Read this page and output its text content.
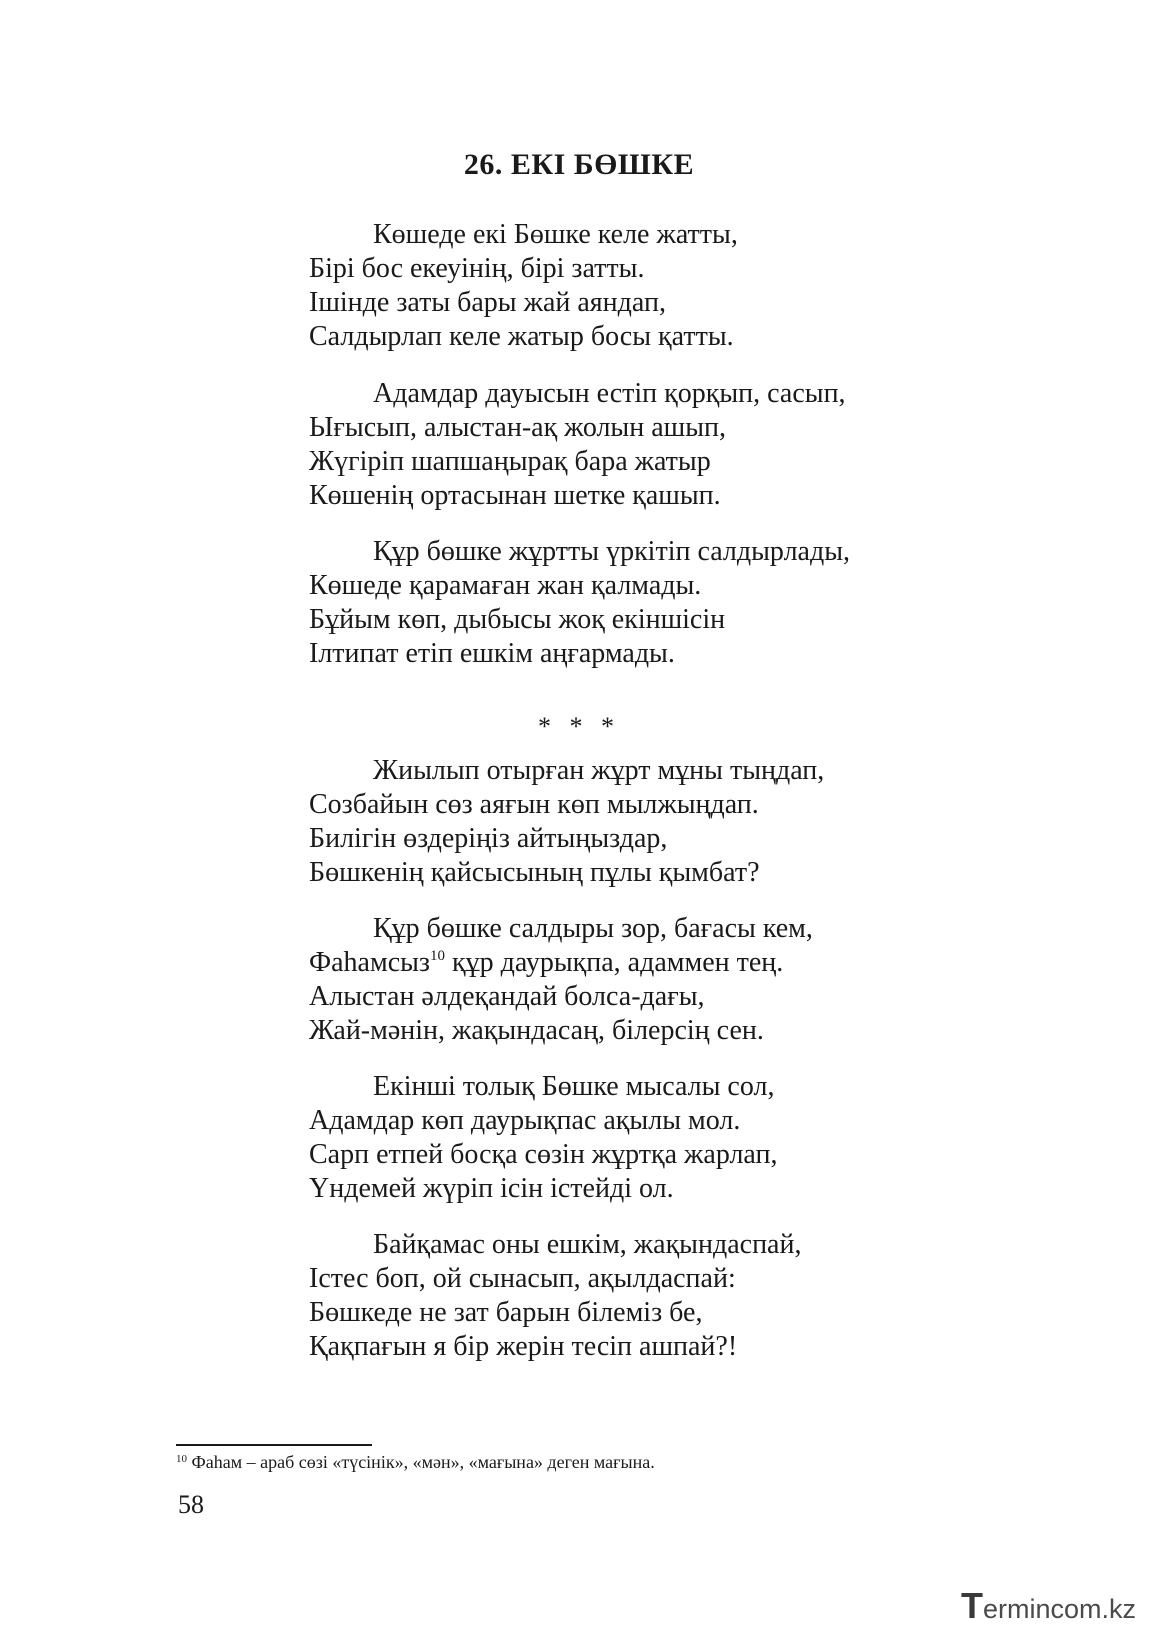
26. ЕКІ БӨШКЕ
Көшеде екі Бөшке келе жатты,
Бірі бос екеуінің, бірі затты.
Ішінде заты бары жай аяндап,
Салдырлап келе жатыр босы қатты.
Адамдар дауысын естіп қорқып, сасып,
Ығысып, алыстан-ақ жолын ашып,
Жүгіріп шапшаңырақ бара жатыр
Көшенің ортасынан шетке қашып.
Құр бөшке жұртты үркітіп салдырлады,
Көшеде қарамаған жан қалмады.
Бұйым көп, дыбысы жоқ екіншісін
Ілтипат етіп ешкім аңғармады.
* * *
Жиылып отырған жұрт мұны тыңдап,
Созбайын сөз аяғын көп мылжыңдап.
Билігін өздеріңіз айтыңыздар,
Бөшкенің қайсысының пұлы қымбат?
Құр бөшке салдыры зор, бағасы кем,
Фаһамсыз$^{10}$ құр даурықпа, адаммен тең.
Алыстан әлдеқандай болса-дағы,
Жай-мәнін, жақындасаң, білерсің сен.
Екінші толық Бөшке мысалы сол,
Адамдар көп даурықпас ақылы мол.
Сарп етпей босқа сөзін жұртқа жарлап,
Үндемей жүріп ісін істейді ол.
Байқамас оны ешкім, жақындаспай,
Істес боп, ой сынасып, ақылдаспай:
Бөшкеде не зат барын білеміз бе,
Қақпағын я бір жерін тесіп ашпай?!
$^{10}$ Фаһам – араб сөзі «түсінік», «мән», «мағына» деген мағына.
58
Termincom.kz
